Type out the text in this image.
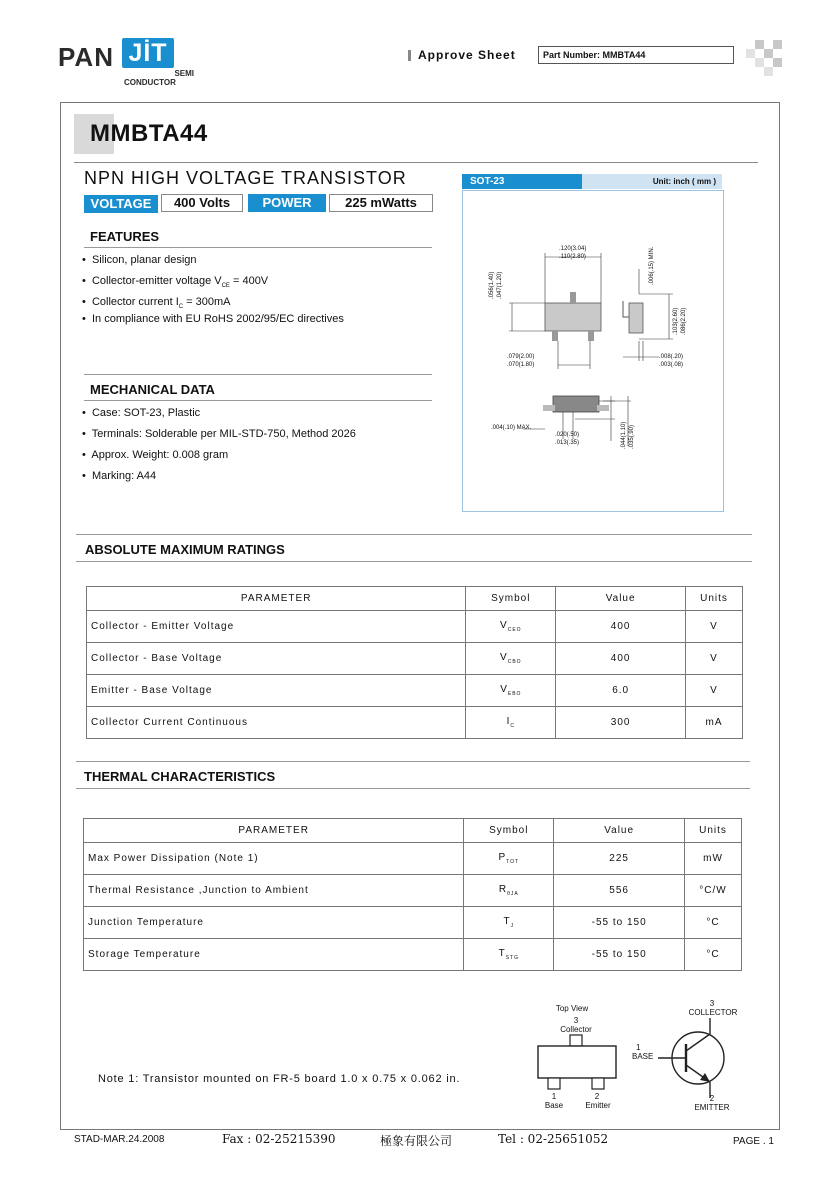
PAN JİT
SEMI
CONDUCTOR
Approve Sheet	Part Number: MMBTA44
MMBTA44
NPN HIGH VOLTAGE TRANSISTOR
VOLTAGE	400 Volts	POWER	225 mWatts
FEATURES
•  Silicon, planar design
•  Collector-emitter voltage $V_{CE} = 400V$
•  Collector current $I_C = 300mA$
•  In compliance with EU RoHS 2002/95/EC directives
MECHANICAL DATA
•  Case: SOT-23, Plastic
•  Terminals: Solderable per MIL-STD-750, Method 2026
•  Approx. Weight: 0.008 gram
•  Marking: A44
SOT-23	Unit: inch ( mm )
.120(3.04)
.110(2.80)
.056(1.40) .047(1.20)
.006(.15) MIN.
.103(2.60) .086(2.20)
.079(2.00)
.070(1.80)
.008(.20)
.003(.08)
.004(.10) MAX.
.020(.50)
.013(.35)	.044(1.10) .035(.90)
ABSOLUTE MAXIMUM RATINGS
PARAMETER	Symbol	Value	Units
Collector - Emitter Voltage	$V_{CEO}$	400	V
Collector - Base Voltage	$V_{CBO}$	400	V
Emitter - Base Voltage	$V_{EBO}$	6.0	V
Collector Current Continuous	$I_C$	300	mA
THERMAL CHARACTERISTICS
PARAMETER	Symbol	Value	Units
Max Power Dissipation (Note 1)	$P_{TOT}$	225	mW
Thermal Resistance ,Junction to Ambient	$R_{\theta JA}$	556	°C/W
Junction Temperature	$T_J$	-55 to 150	°C
Storage Temperature	$T_{STG}$	-55 to 150	°C
Top View
3
Collector
1
Base
2
Emitter
3
COLLECTOR
1
BASE
2
EMITTER
Note 1: Transistor mounted on FR-5 board 1.0 x 0.75 x 0.062 in.
STAD-MAR.24.2008	Fax : 02-25215390	極象有限公司	Tel : 02-25651052	PAGE . 1
